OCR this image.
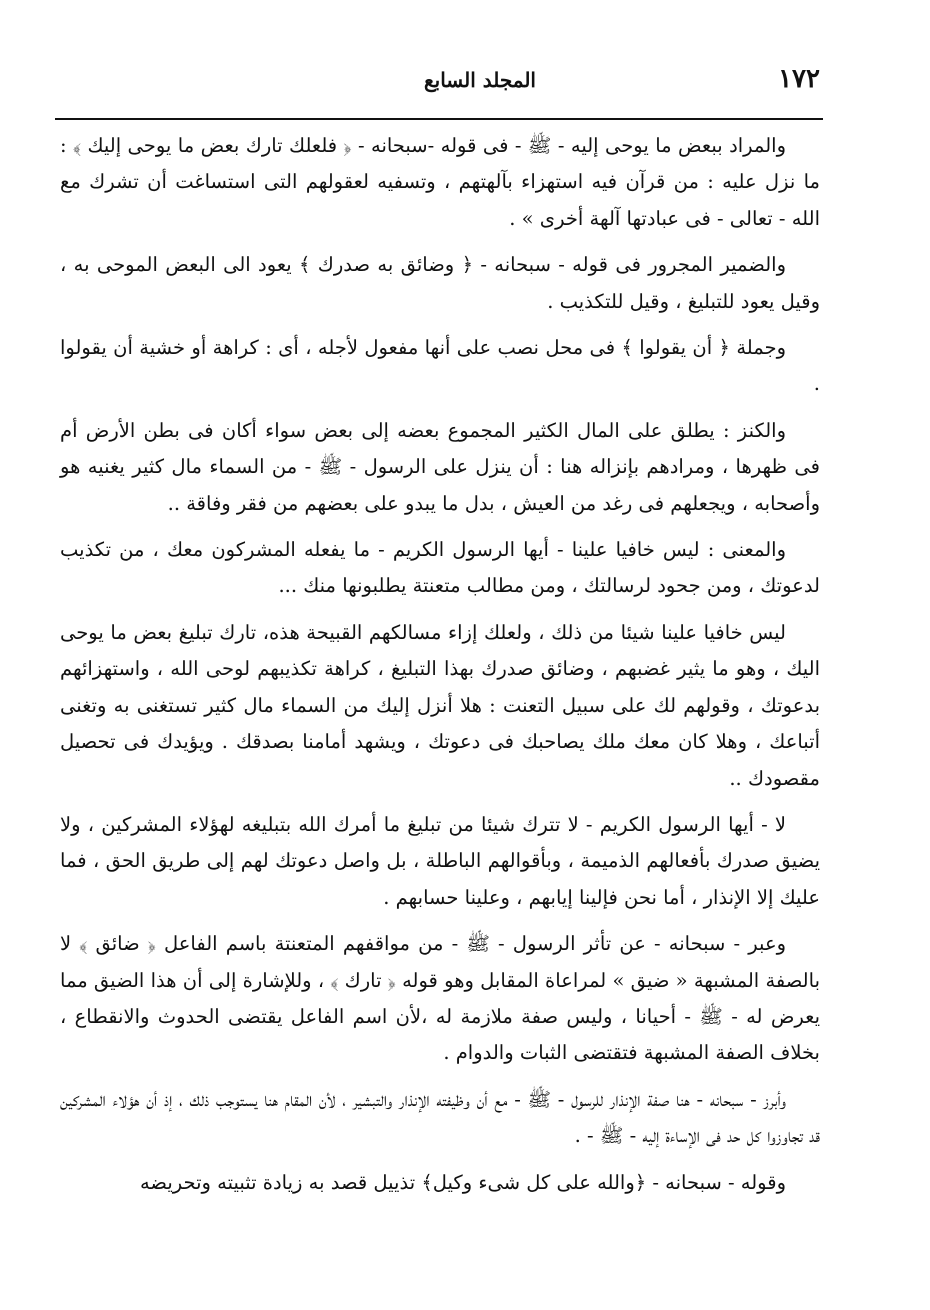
١٧٢
المجلد السابع

والمراد ببعض ما يوحى إليه - ﷺ - فى قوله -سبحانه - ﴿ فلعلك تارك بعض ما يوحى إليك ﴾ : ما نزل عليه : من قرآن فيه استهزاء بآلهتهم ، وتسفيه لعقولهم التى استساغت أن تشرك مع الله - تعالى - فى عبادتها آلهة أخرى » .

والضمير المجرور فى قوله - سبحانه - ﴿ وضائق به صدرك ﴾ يعود الى البعض الموحى به ، وقيل يعود للتبليغ ، وقيل للتكذيب .

وجملة ﴿ أن يقولوا ﴾ فى محل نصب على أنها مفعول لأجله ، أى : كراهة أو خشية أن يقولوا .

والكنز : يطلق على المال الكثير المجموع بعضه إلى بعض سواء أكان فى بطن الأرض أم فى ظهرها ، ومرادهم بإنزاله هنا : أن ينزل على الرسول - ﷺ - من السماء مال كثير يغنيه هو وأصحابه ، ويجعلهم فى رغد من العيش ، بدل ما يبدو على بعضهم من فقر وفاقة ..

والمعنى : ليس خافيا علينا - أيها الرسول الكريم - ما يفعله المشركون معك ، من تكذيب لدعوتك ، ومن جحود لرسالتك ، ومن مطالب متعنتة يطلبونها منك ...

ليس خافيا علينا شيئا من ذلك ، ولعلك إزاء مسالكهم القبيحة هذه، تارك تبليغ بعض ما يوحى اليك ، وهو ما يثير غضبهم ، وضائق صدرك بهذا التبليغ ، كراهة تكذيبهم لوحى الله ، واستهزائهم بدعوتك ، وقولهم لك على سبيل التعنت : هلا أنزل إليك من السماء مال كثير تستغنى به وتغنى أتباعك ، وهلا كان معك ملك يصاحبك فى دعوتك ، ويشهد أمامنا بصدقك . ويؤيدك فى تحصيل مقصودك ..

لا - أيها الرسول الكريم - لا تترك شيئا من تبليغ ما أمرك الله بتبليغه لهؤلاء المشركين ، ولا يضيق صدرك بأفعالهم الذميمة ، وبأقوالهم الباطلة ، بل واصل دعوتك لهم إلى طريق الحق ، فما عليك إلا الإنذار ، أما نحن فإلينا إيابهم ، وعلينا حسابهم .

وعبر - سبحانه - عن تأثر الرسول - ﷺ - من مواقفهم المتعنتة باسم الفاعل ﴿ ضائق ﴾ لا بالصفة المشبهة « ضيق » لمراعاة المقابل وهو قوله ﴿ تارك ﴾ ، وللإشارة إلى أن هذا الضيق مما يعرض له - ﷺ - أحيانا ، وليس صفة ملازمة له ،لأن اسم الفاعل يقتضى الحدوث والانقطاع ، بخلاف الصفة المشبهة فتقتضى الثبات والدوام .

وأبرز - سبحانه - هنا صفة الإنذار للرسول - ﷺ - مع أن وظيفته الإنذار والتبشير ، لأن المقام هنا يستوجب ذلك ، إذ أن هؤلاء المشركين قد تجاوزوا كل حد فى الإساءة إليه - ﷺ - .

وقوله - سبحانه - ﴿والله على كل شىء وكيل﴾ تذييل قصد به زيادة تثبيته وتحريضه
